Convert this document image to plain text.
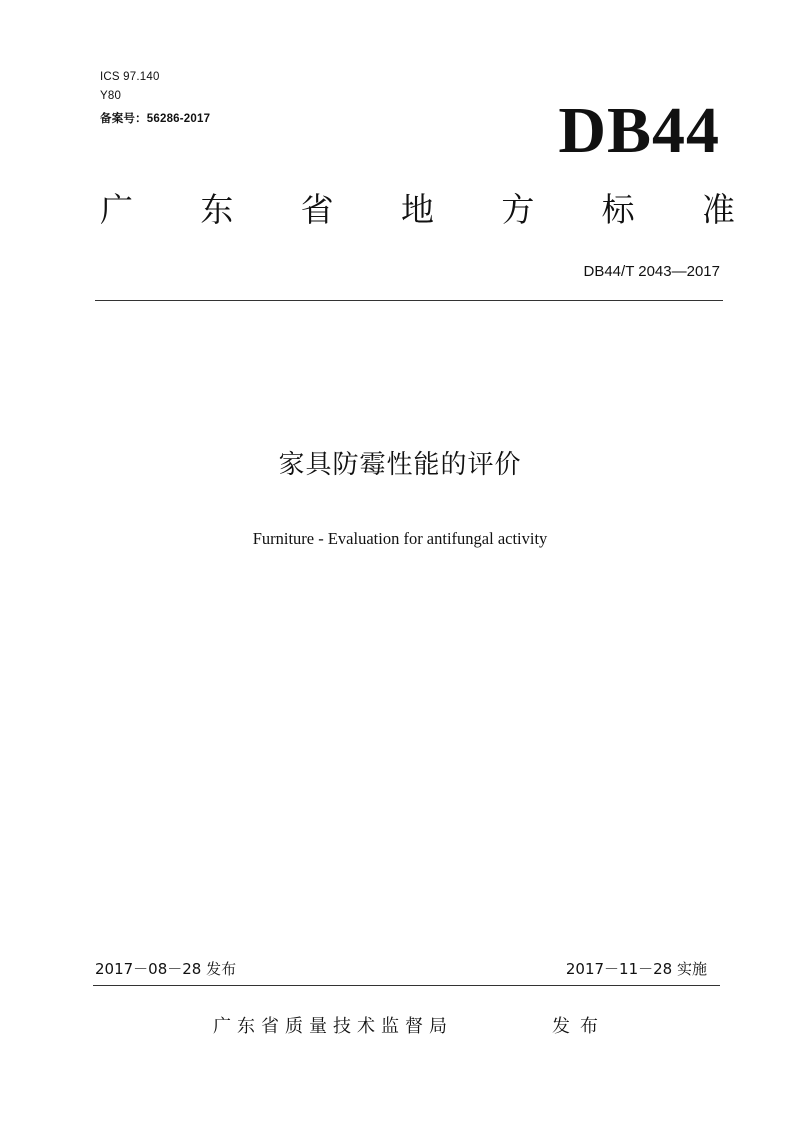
ICS 97.140
Y80
备案号：56286-2017	DB44
广 东 省 地 方 标 准
DB44/T 2043—2017
家具防霉性能的评价
Furniture - Evaluation for antifungal activity
2017－08－28 发布	2017－11－28 实施
广东省质量技术监督局	发布
